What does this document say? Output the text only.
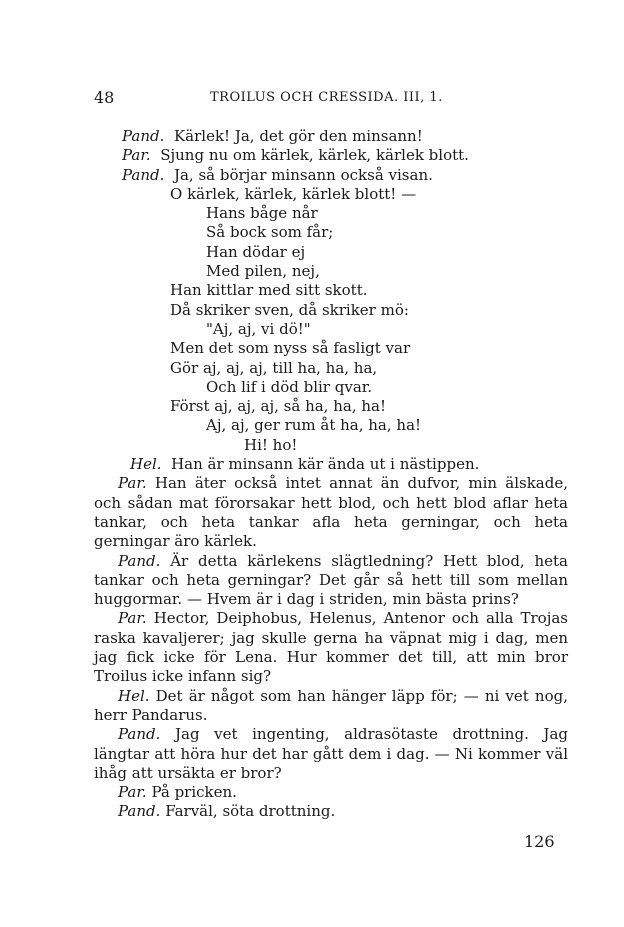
48	TROILUS OCH CRESSIDA. III, 1.
Pand. Kärlek! Ja, det gör den minsann!
Par. Sjung nu om kärlek, kärlek, kärlek blott.
Pand. Ja, så börjar minsann också visan.
O kärlek, kärlek, kärlek blott! —
Hans båge når
Så bock som får;
Han dödar ej
Med pilen, nej,
Han kittlar med sitt skott.
Då skriker sven, då skriker mö:
"Aj, aj, vi dö!"
Men det som nyss så fasligt var
Gör aj, aj, aj, till ha, ha, ha,
Och lif i död blir qvar.
Först aj, aj, aj, så ha, ha, ha!
Aj, aj, ger rum åt ha, ha, ha!
Hi! ho!
Hel. Han är minsann kär ända ut i nästippen.
Par. Han äter också intet annat än dufvor, min älskade, och sådan mat förorsakar hett blod, och hett blod aflar heta tankar, och heta tankar afla heta gerningar, och heta gerningar äro kärlek.
Pand. Är detta kärlekens slägtledning? Hett blod, heta tankar och heta gerningar? Det går så hett till som mellan huggormar. — Hvem är i dag i striden, min bästa prins?
Par. Hector, Deiphobus, Helenus, Antenor och alla Trojas raska kavaljerer; jag skulle gerna ha väpnat mig i dag, men jag fick icke för Lena. Hur kommer det till, att min bror Troilus icke infann sig?
Hel. Det är något som han hänger läpp för; — ni vet nog, herr Pandarus.
Pand. Jag vet ingenting, aldrasötaste drottning. Jag längtar att höra hur det har gått dem i dag. — Ni kommer väl ihåg att ursäkta er bror?
Par. På pricken.
Pand. Farväl, söta drottning.
126
